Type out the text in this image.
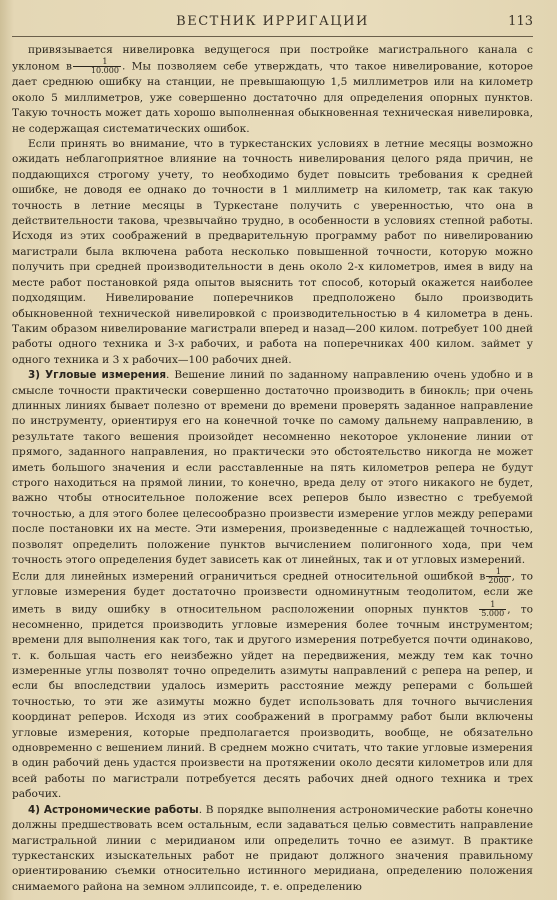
ВЕСТНИК ИРРИГАЦИИ	113

привязывается нивелировка ведущегося при постройке магистрального канала с уклоном в $\frac{1}{10.000}$ . Мы позволяем себе утверждать, что такое нивелирование, которое дает среднюю ошибку на станции, не превышающую 1,5 миллиметров или на километр около 5 миллиметров, уже совершенно достаточно для определения опорных пунктов. Такую точность может дать хорошо выполненная обыкновенная техническая нивелировка, не содержащая систематических ошибок.

Если принять во внимание, что в туркестанских условиях в летние месяцы возможно ожидать неблагоприятное влияние на точность нивелирования целого ряда причин, не поддающихся строгому учету, то необходимо будет повысить требования к средней ошибке, не доводя ее однако до точности в 1 миллиметр на километр, так как такую точность в летние месяцы в Туркестане получить с уверенностью, что она в действительности такова, чрезвычайно трудно, в особенности в условиях степной работы. Исходя из этих соображений в предварительную программу работ по нивелированию магистрали была включена работа несколько повышенной точности, которую можно получить при средней производительности в день около 2-х километров, имея в виду на месте работ постановкой ряда опытов выяснить тот способ, который окажется наиболее подходящим. Нивелирование поперечников предположено было производить обыкновенной технической нивелировкой с производительностью в 4 километра в день. Таким образом нивелирование магистрали вперед и назад—200 килом. потребует 100 дней работы одного техника и 3-х рабочих, и работа на поперечниках 400 килом. займет у одного техника и 3 х рабочих—100 рабочих дней.

3) Угловые измерения. Вешение линий по заданному направлению очень удобно и в смысле точности практически совершенно достаточно производить в бинокль; при очень длинных линиях бывает полезно от времени до времени проверять заданное направление по инструменту, ориентируя его на конечной точке по самому дальнему направлению, в результате такого вешения произойдет несомненно некоторое уклонение линии от прямого, заданного направления, но практически это обстоятельство никогда не может иметь большого значения и если расставленные на пять километров репера не будут строго находиться на прямой линии, то конечно, вреда делу от этого никакого не будет, важно чтобы относительное положение всех реперов было известно с требуемой точностью, а для этого более целесообразно произвести измерение углов между реперами после постановки их на месте. Эти измерения, произведенные с надлежащей точностью, позволят определить положение пунктов вычислением полигонного хода, при чем точность этого определения будет зависеть как от линейных, так и от угловых измерений.

Если для линейных измерений ограничиться средней относительной ошибкой в $\frac{1}{2000}$ , то угловые измерения будет достаточно произвести одноминутным теодолитом, если же иметь в виду ошибку в относительном расположении опорных пунктов $\frac{1}{5.000}$ , то несомненно, придется производить угловые измерения более точным инструментом; времени для выполнения как того, так и другого измерения потребуется почти одинаково, т. к. большая часть его неизбежно уйдет на передвижения, между тем как точно измеренные углы позволят точно определить азимуты направлений с репера на репер, и если бы впоследствии удалось измерить расстояние между реперами с большей точностью, то эти же азимуты можно будет использовать для точного вычисления координат реперов. Исходя из этих соображений в программу работ были включены угловые измерения, которые предполагается производить, вообще, не обязательно одновременно с вешением линий. В среднем можно считать, что такие угловые измерения в один рабочий день удастся произвести на протяжении около десяти километров или для всей работы по магистрали потребуется десять рабочих дней одного техника и трех рабочих.

4) Астрономические работы. В порядке выполнения астрономические работы конечно должны предшествовать всем остальным, если задаваться целью совместить направление магистральной линии с меридианом или определить точно ее азимут. В практике туркестанских изыскательных работ не придают должного значения правильному ориентированию съемки относительно истинного меридиана, определению положения снимаемого района на земном эллипсоиде, т. е. определению
